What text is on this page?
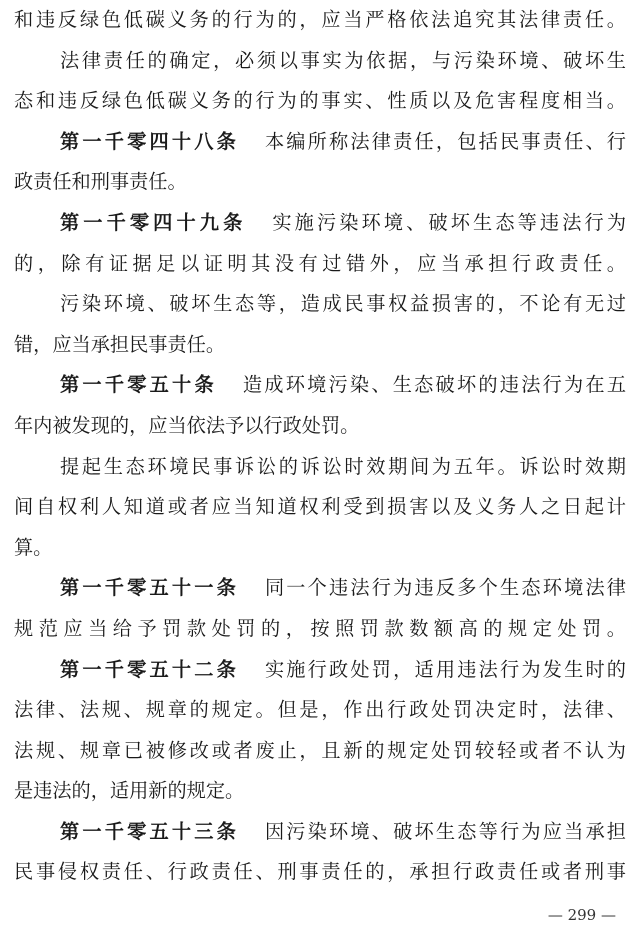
和违反绿色低碳义务的行为的，应当严格依法追究其法律责任。
法律责任的确定，必须以事实为依据，与污染环境、破坏生
态和违反绿色低碳义务的行为的事实、性质以及危害程度相当。
第一千零四十八条 本编所称法律责任，包括民事责任、行
政责任和刑事责任。
第一千零四十九条 实施污染环境、破坏生态等违法行为
的，除有证据足以证明其没有过错外，应当承担行政责任。
污染环境、破坏生态等，造成民事权益损害的，不论有无过
错，应当承担民事责任。
第一千零五十条 造成环境污染、生态破坏的违法行为在五
年内被发现的，应当依法予以行政处罚。
提起生态环境民事诉讼的诉讼时效期间为五年。诉讼时效期
间自权利人知道或者应当知道权利受到损害以及义务人之日起计
算。
第一千零五十一条 同一个违法行为违反多个生态环境法律
规范应当给予罚款处罚的，按照罚款数额高的规定处罚。
第一千零五十二条 实施行政处罚，适用违法行为发生时的
法律、法规、规章的规定。但是，作出行政处罚决定时，法律、
法规、规章已被修改或者废止，且新的规定处罚较轻或者不认为
是违法的，适用新的规定。
第一千零五十三条 因污染环境、破坏生态等行为应当承担
民事侵权责任、行政责任、刑事责任的，承担行政责任或者刑事
— 299 —
